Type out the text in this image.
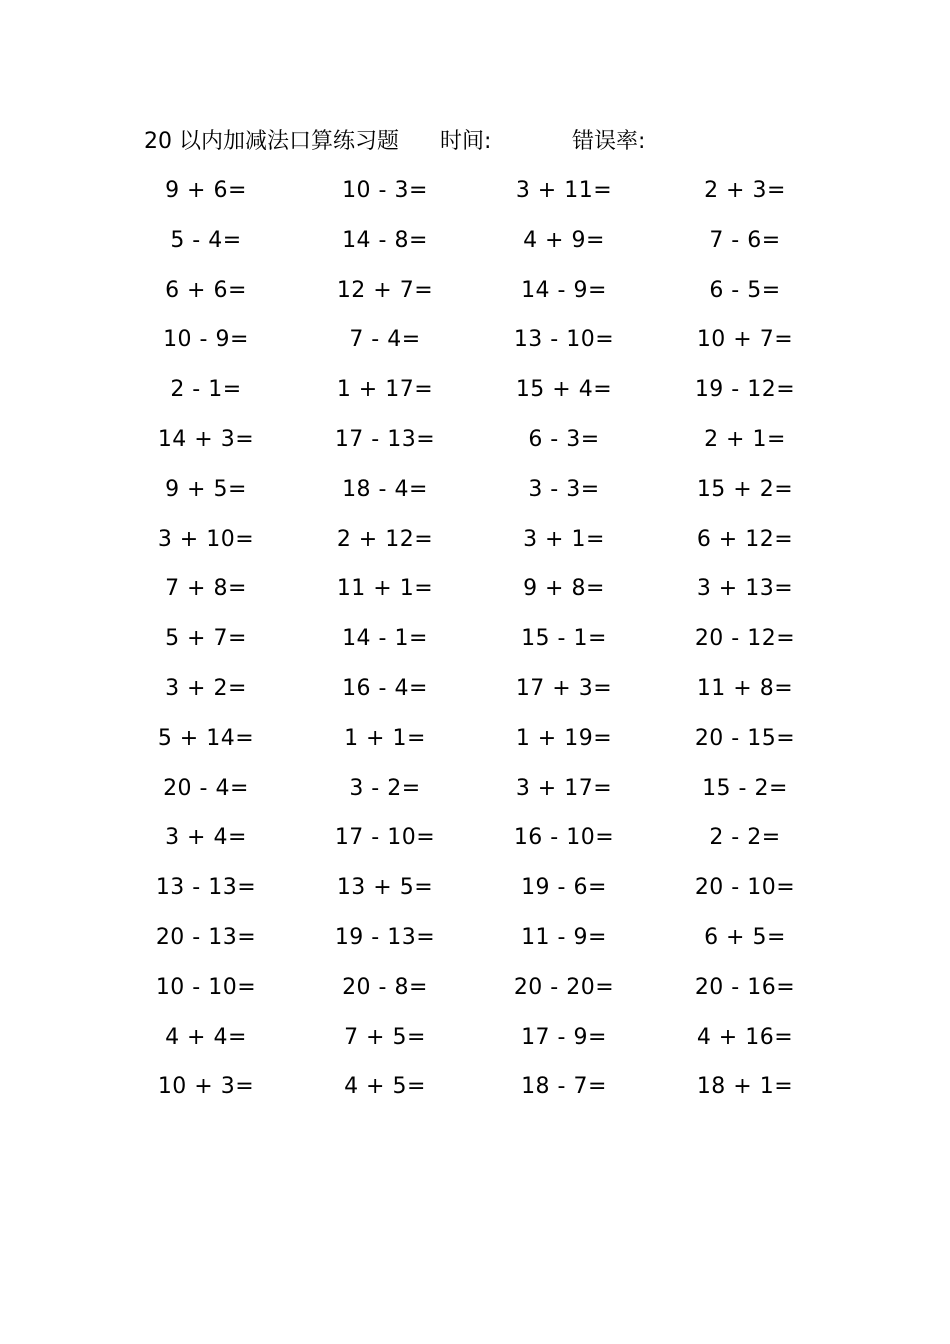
20 以内加减法口算练习题 时间:	错误率:
9 + 6=	10 - 3=	3 + 11=	2 + 3=
5 - 4=	14 - 8=	4 + 9=	7 - 6=
6 + 6=	12 + 7=	14 - 9=	6 - 5=
10 - 9=	7 - 4=	13 - 10=	10 + 7=
2 - 1=	1 + 17=	15 + 4=	19 - 12=
14 + 3=	17 - 13=	6 - 3=	2 + 1=
9 + 5=	18 - 4=	3 - 3=	15 + 2=
3 + 10=	2 + 12=	3 + 1=	6 + 12=
7 + 8=	11 + 1=	9 + 8=	3 + 13=
5 + 7=	14 - 1=	15 - 1=	20 - 12=
3 + 2=	16 - 4=	17 + 3=	11 + 8=
5 + 14=	1 + 1=	1 + 19=	20 - 15=
20 - 4=	3 - 2=	3 + 17=	15 - 2=
3 + 4=	17 - 10=	16 - 10=	2 - 2=
13 - 13=	13 + 5=	19 - 6=	20 - 10=
20 - 13=	19 - 13=	11 - 9=	6 + 5=
10 - 10=	20 - 8=	20 - 20=	20 - 16=
4 + 4=	7 + 5=	17 - 9=	4 + 16=
10 + 3=	4 + 5=	18 - 7=	18 + 1=
